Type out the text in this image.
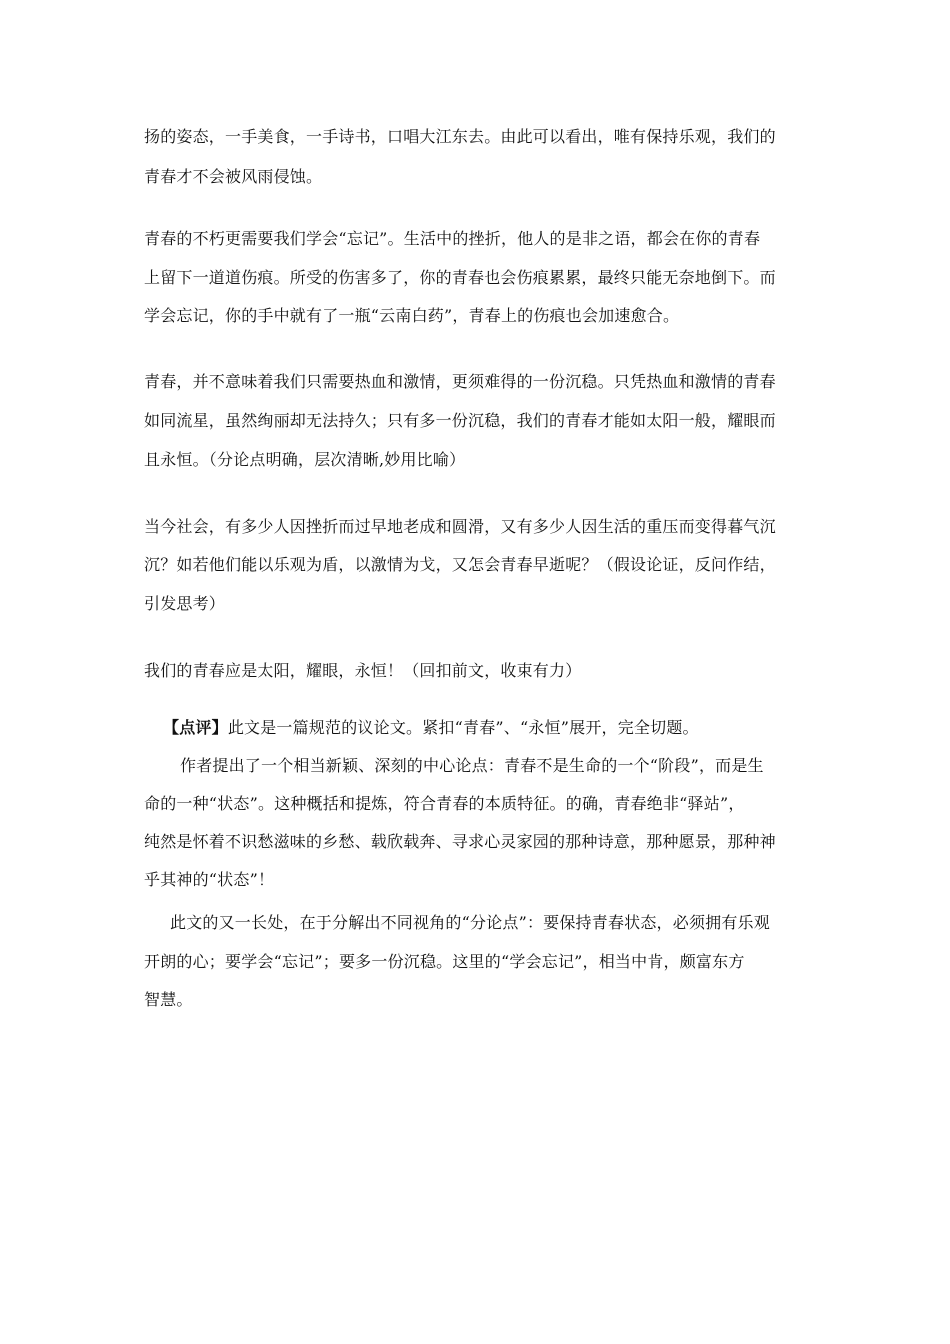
扬的姿态，一手美食，一手诗书，口唱大江东去。由此可以看出，唯有保持乐观，我们的
青春才不会被风雨侵蚀。
青春的不朽更需要我们学会“忘记”。生活中的挫折，他人的是非之语，都会在你的青春
上留下一道道伤痕。所受的伤害多了，你的青春也会伤痕累累，最终只能无奈地倒下。而
学会忘记，你的手中就有了一瓶“云南白药”，青春上的伤痕也会加速愈合。
青春，并不意味着我们只需要热血和激情，更须难得的一份沉稳。只凭热血和激情的青春
如同流星，虽然绚丽却无法持久；只有多一份沉稳，我们的青春才能如太阳一般，耀眼而
且永恒。（分论点明确，层次清晰,妙用比喻）
当今社会，有多少人因挫折而过早地老成和圆滑，又有多少人因生活的重压而变得暮气沉
沉？如若他们能以乐观为盾，以激情为戈，又怎会青春早逝呢？（假设论证，反问作结，
引发思考）
我们的青春应是太阳，耀眼，永恒！（回扣前文，收束有力）
【点评】此文是一篇规范的议论文。紧扣“青春”、“永恒”展开，完全切题。
作者提出了一个相当新颖、深刻的中心论点：青春不是生命的一个“阶段”，而是生
命的一种“状态”。这种概括和提炼，符合青春的本质特征。的确，青春绝非“驿站”，
纯然是怀着不识愁滋味的乡愁、载欣载奔、寻求心灵家园的那种诗意，那种愿景，那种神
乎其神的“状态”！
此文的又一长处，在于分解出不同视角的“分论点”：要保持青春状态，必须拥有乐观
开朗的心；要学会“忘记”；要多一份沉稳。这里的“学会忘记”，相当中肯，颇富东方
智慧。
